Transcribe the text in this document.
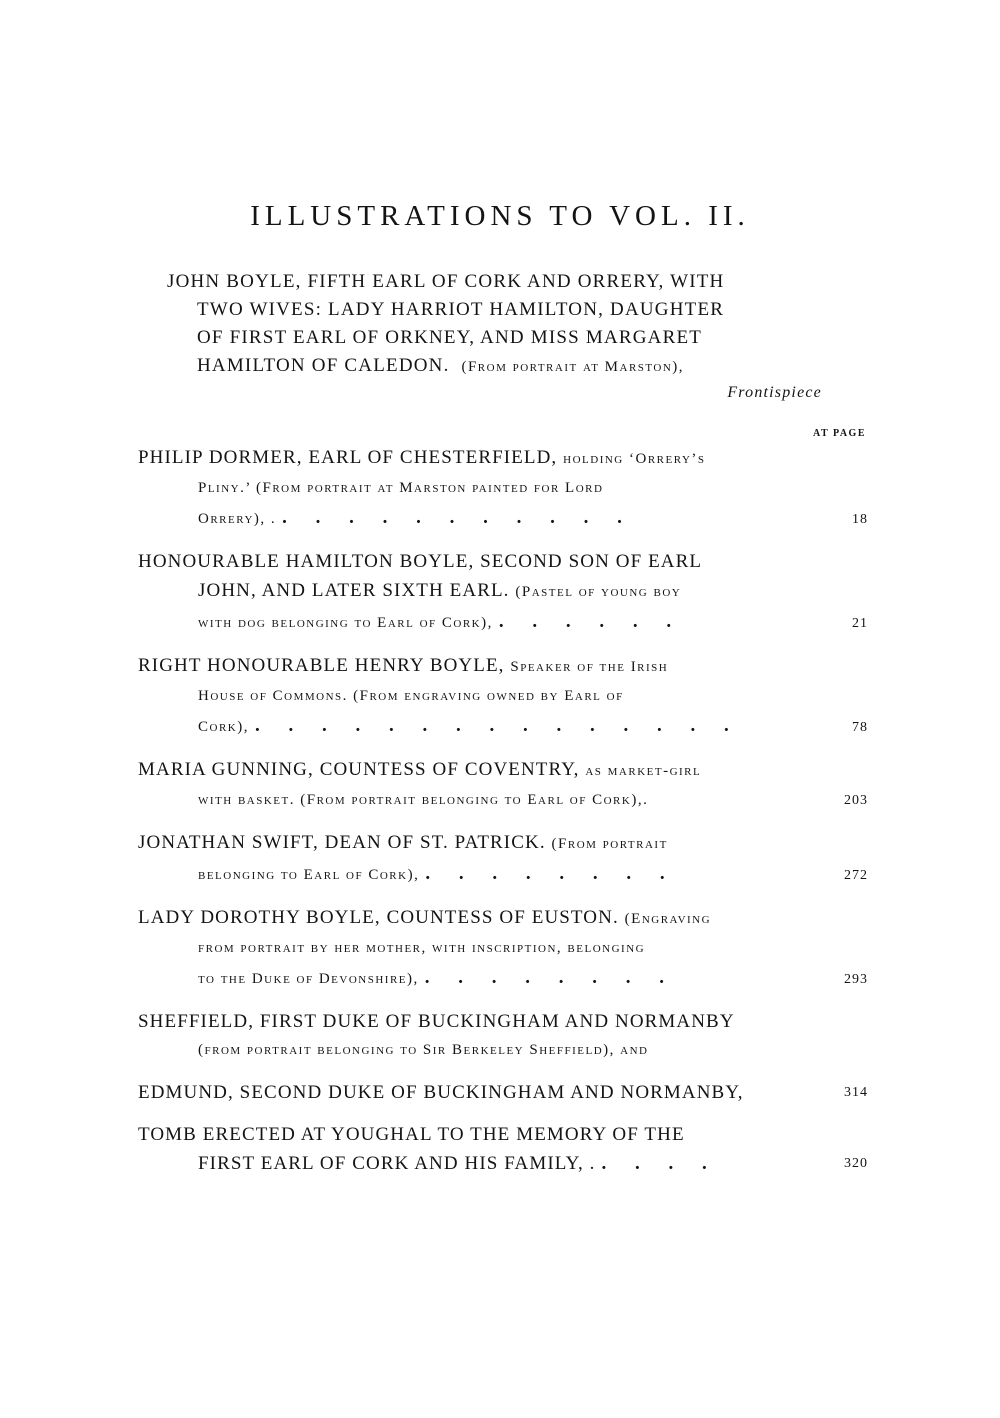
ILLUSTRATIONS TO VOL. II.
JOHN BOYLE, FIFTH EARL OF CORK AND ORRERY, WITH
TWO WIVES: LADY HARRIOT HAMILTON, DAUGHTER
OF FIRST EARL OF ORKNEY, AND MISS MARGARET
HAMILTON OF CALEDON. (From portrait at Marston),
Frontispiece
AT PAGE
PHILIP DORMER, EARL OF CHESTERFIELD, holding ‘Orrery’s
Pliny.’ (From portrait at Marston painted for Lord
Orrery), . . . . . . . . . . . .	18
HONOURABLE HAMILTON BOYLE, SECOND SON OF EARL
JOHN, AND LATER SIXTH EARL. (Pastel of young boy
with dog belonging to Earl of Cork), . . . . . .	21
RIGHT HONOURABLE HENRY BOYLE, Speaker of the Irish
House of Commons. (From engraving owned by Earl of
Cork), . . . . . . . . . . . . . . .	78
MARIA GUNNING, COUNTESS OF COVENTRY, as market-girl
with basket. (From portrait belonging to Earl of Cork),.	203
JONATHAN SWIFT, DEAN OF ST. PATRICK. (From portrait
belonging to Earl of Cork), . . . . . . . .	272
LADY DOROTHY BOYLE, COUNTESS OF EUSTON. (Engraving
from portrait by her mother, with inscription, belonging
to the Duke of Devonshire), . . . . . . . .	293
SHEFFIELD, FIRST DUKE OF BUCKINGHAM AND NORMANBY
(from portrait belonging to Sir Berkeley Sheffield), and
EDMUND, SECOND DUKE OF BUCKINGHAM AND NORMANBY,	314
TOMB ERECTED AT YOUGHAL TO THE MEMORY OF THE
FIRST EARL OF CORK AND HIS FAMILY, . . . . .	320
